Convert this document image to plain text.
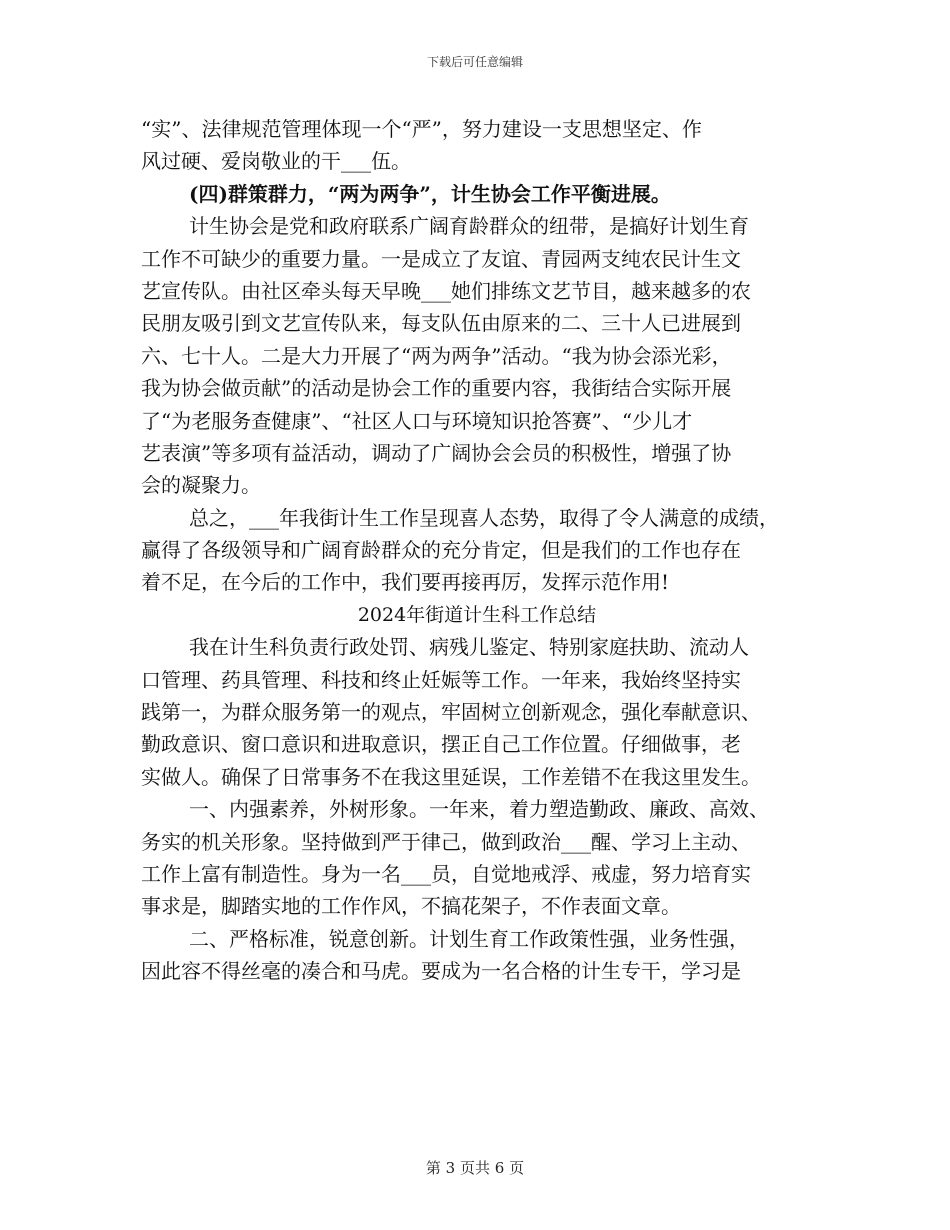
下载后可任意编辑
“实”、法律规范管理体现一个“严”，努力建设一支思想坚定、作
风过硬、爱岗敬业的干___伍。
(四)群策群力，“两为两争”，计生协会工作平衡进展。
计生协会是党和政府联系广阔育龄群众的纽带，是搞好计划生育
工作不可缺少的重要力量。一是成立了友谊、青园两支纯农民计生文
艺宣传队。由社区牵头每天早晚___她们排练文艺节目，越来越多的农
民朋友吸引到文艺宣传队来，每支队伍由原来的二、三十人已进展到
六、七十人。二是大力开展了“两为两争”活动。“我为协会添光彩，
我为协会做贡献”的活动是协会工作的重要内容，我街结合实际开展
了“为老服务查健康”、“社区人口与环境知识抢答赛”、“少儿才
艺表演”等多项有益活动，调动了广阔协会会员的积极性，增强了协
会的凝聚力。
总之，___年我街计生工作呈现喜人态势，取得了令人满意的成绩，
赢得了各级领导和广阔育龄群众的充分肯定，但是我们的工作也存在
着不足，在今后的工作中，我们要再接再厉，发挥示范作用!
2024年街道计生科工作总结
我在计生科负责行政处罚、病残儿鉴定、特别家庭扶助、流动人
口管理、药具管理、科技和终止妊娠等工作。一年来，我始终坚持实
践第一，为群众服务第一的观点，牢固树立创新观念，强化奉献意识、
勤政意识、窗口意识和进取意识，摆正自己工作位置。仔细做事，老
实做人。确保了日常事务不在我这里延误，工作差错不在我这里发生。
一、内强素养，外树形象。一年来，着力塑造勤政、廉政、高效、
务实的机关形象。坚持做到严于律己，做到政治___醒、学习上主动、
工作上富有制造性。身为一名___员，自觉地戒浮、戒虚，努力培育实
事求是，脚踏实地的工作作风，不搞花架子，不作表面文章。
二、严格标准，锐意创新。计划生育工作政策性强，业务性强，
因此容不得丝毫的凑合和马虎。要成为一名合格的计生专干，学习是
第 3 页共 6 页
